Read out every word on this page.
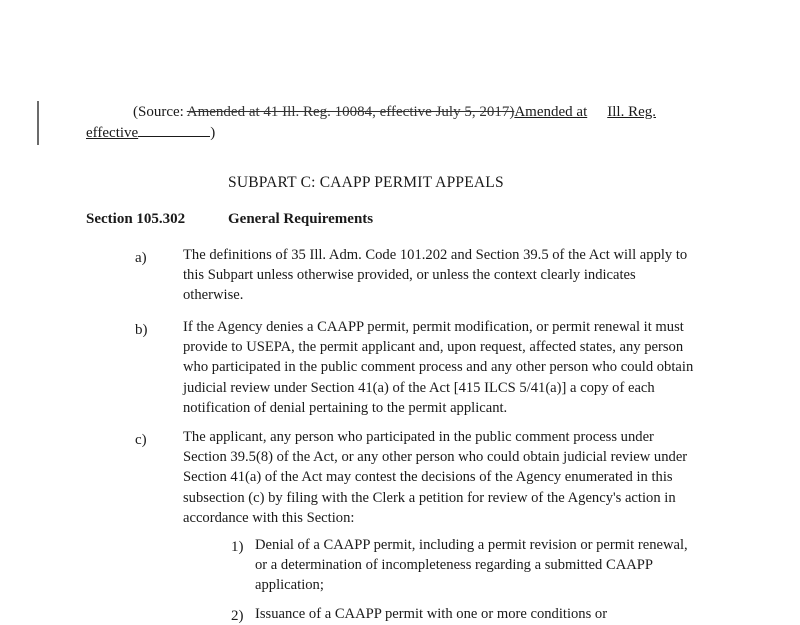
(Source: Amended at 41 Ill. Reg. 10084, effective July 5, 2017)Amended at Ill. Reg.
effective	)
SUBPART C: CAAPP PERMIT APPEALS
Section 105.302	General Requirements
a) The definitions of 35 Ill. Adm. Code 101.202 and Section 39.5 of the Act will apply to this Subpart unless otherwise provided, or unless the context clearly indicates otherwise.
b) If the Agency denies a CAAPP permit, permit modification, or permit renewal it must provide to USEPA, the permit applicant and, upon request, affected states, any person who participated in the public comment process and any other person who could obtain judicial review under Section 41(a) of the Act [415 ILCS 5/41(a)] a copy of each notification of denial pertaining to the permit applicant.
c) The applicant, any person who participated in the public comment process under Section 39.5(8) of the Act, or any other person who could obtain judicial review under Section 41(a) of the Act may contest the decisions of the Agency enumerated in this subsection (c) by filing with the Clerk a petition for review of the Agency's action in accordance with this Section:
1) Denial of a CAAPP permit, including a permit revision or permit renewal, or a determination of incompleteness regarding a submitted CAAPP application;
2) Issuance of a CAAPP permit with one or more conditions or
